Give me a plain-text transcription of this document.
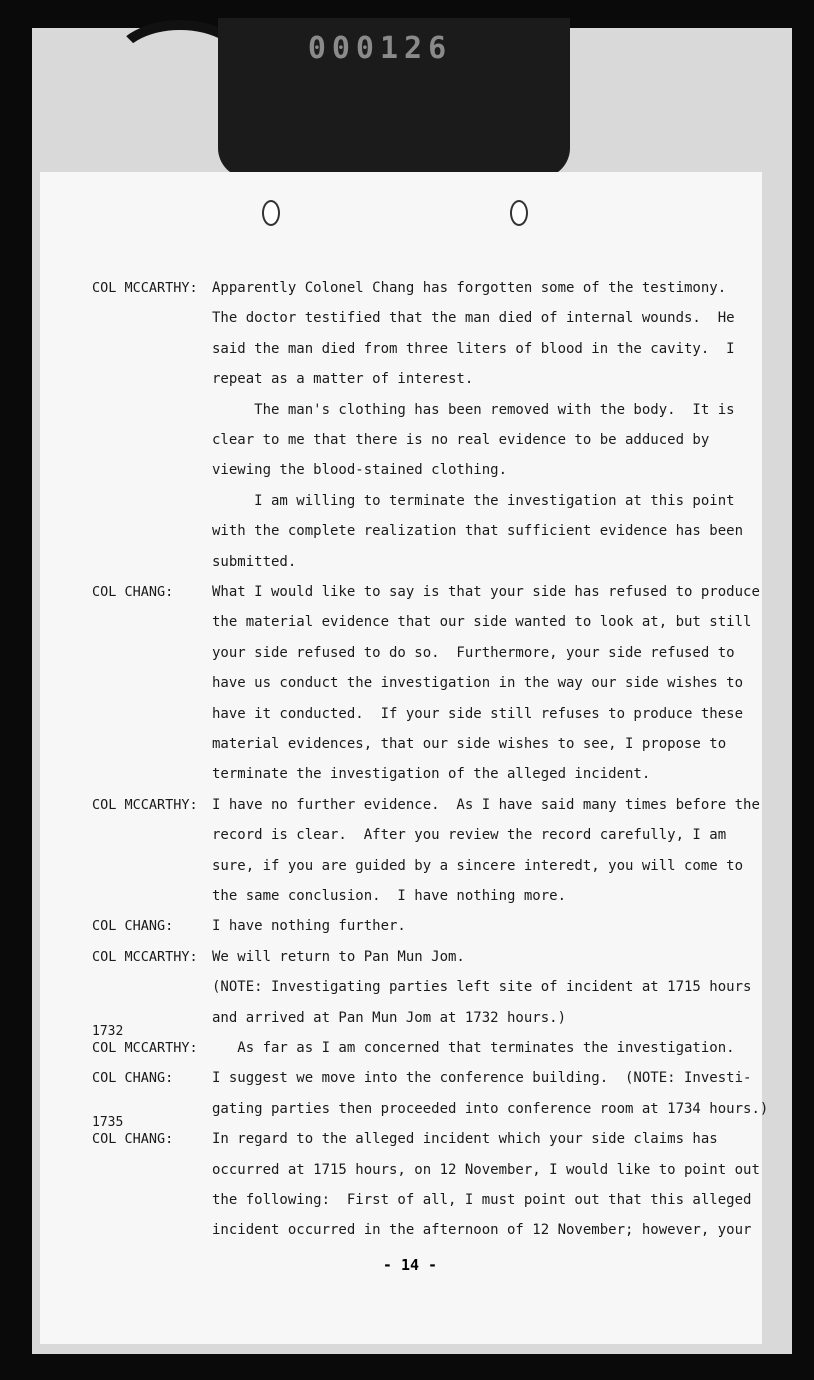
000126
COL MCCARTHY: Apparently Colonel Chang has forgotten some of the testimony.
The doctor testified that the man died of internal wounds.  He
said the man died from three liters of blood in the cavity.  I
repeat as a matter of interest.
The man's clothing has been removed with the body.  It is
clear to me that there is no real evidence to be adduced by
viewing the blood-stained clothing.
I am willing to terminate the investigation at this point
with the complete realization that sufficient evidence has been
submitted.
COL CHANG:	What I would like to say is that your side has refused to produce
the material evidence that our side wanted to look at, but still
your side refused to do so.  Furthermore, your side refused to
have us conduct the investigation in the way our side wishes to
have it conducted.  If your side still refuses to produce these
material evidences, that our side wishes to see, I propose to
terminate the investigation of the alleged incident.
COL MCCARTHY: I have no further evidence.  As I have said many times before the
record is clear.  After you review the record carefully, I am
sure, if you are guided by a sincere interedt, you will come to
the same conclusion.  I have nothing more.
COL CHANG:	I have nothing further.
COL MCCARTHY: We will return to Pan Mun Jom.
(NOTE: Investigating parties left site of incident at 1715 hours
and arrived at Pan Mun Jom at 1732 hours.)
1732
COL MCCARTHY: As far as I am concerned that terminates the investigation.
COL CHANG:	I suggest we move into the conference building.  (NOTE: Investi-
gating parties then proceeded into conference room at 1734 hours.)
1735
COL CHANG:	In regard to the alleged incident which your side claims has
occurred at 1715 hours, on 12 November, I would like to point out
the following:  First of all, I must point out that this alleged
incident occurred in the afternoon of 12 November; however, your
- 14 -
